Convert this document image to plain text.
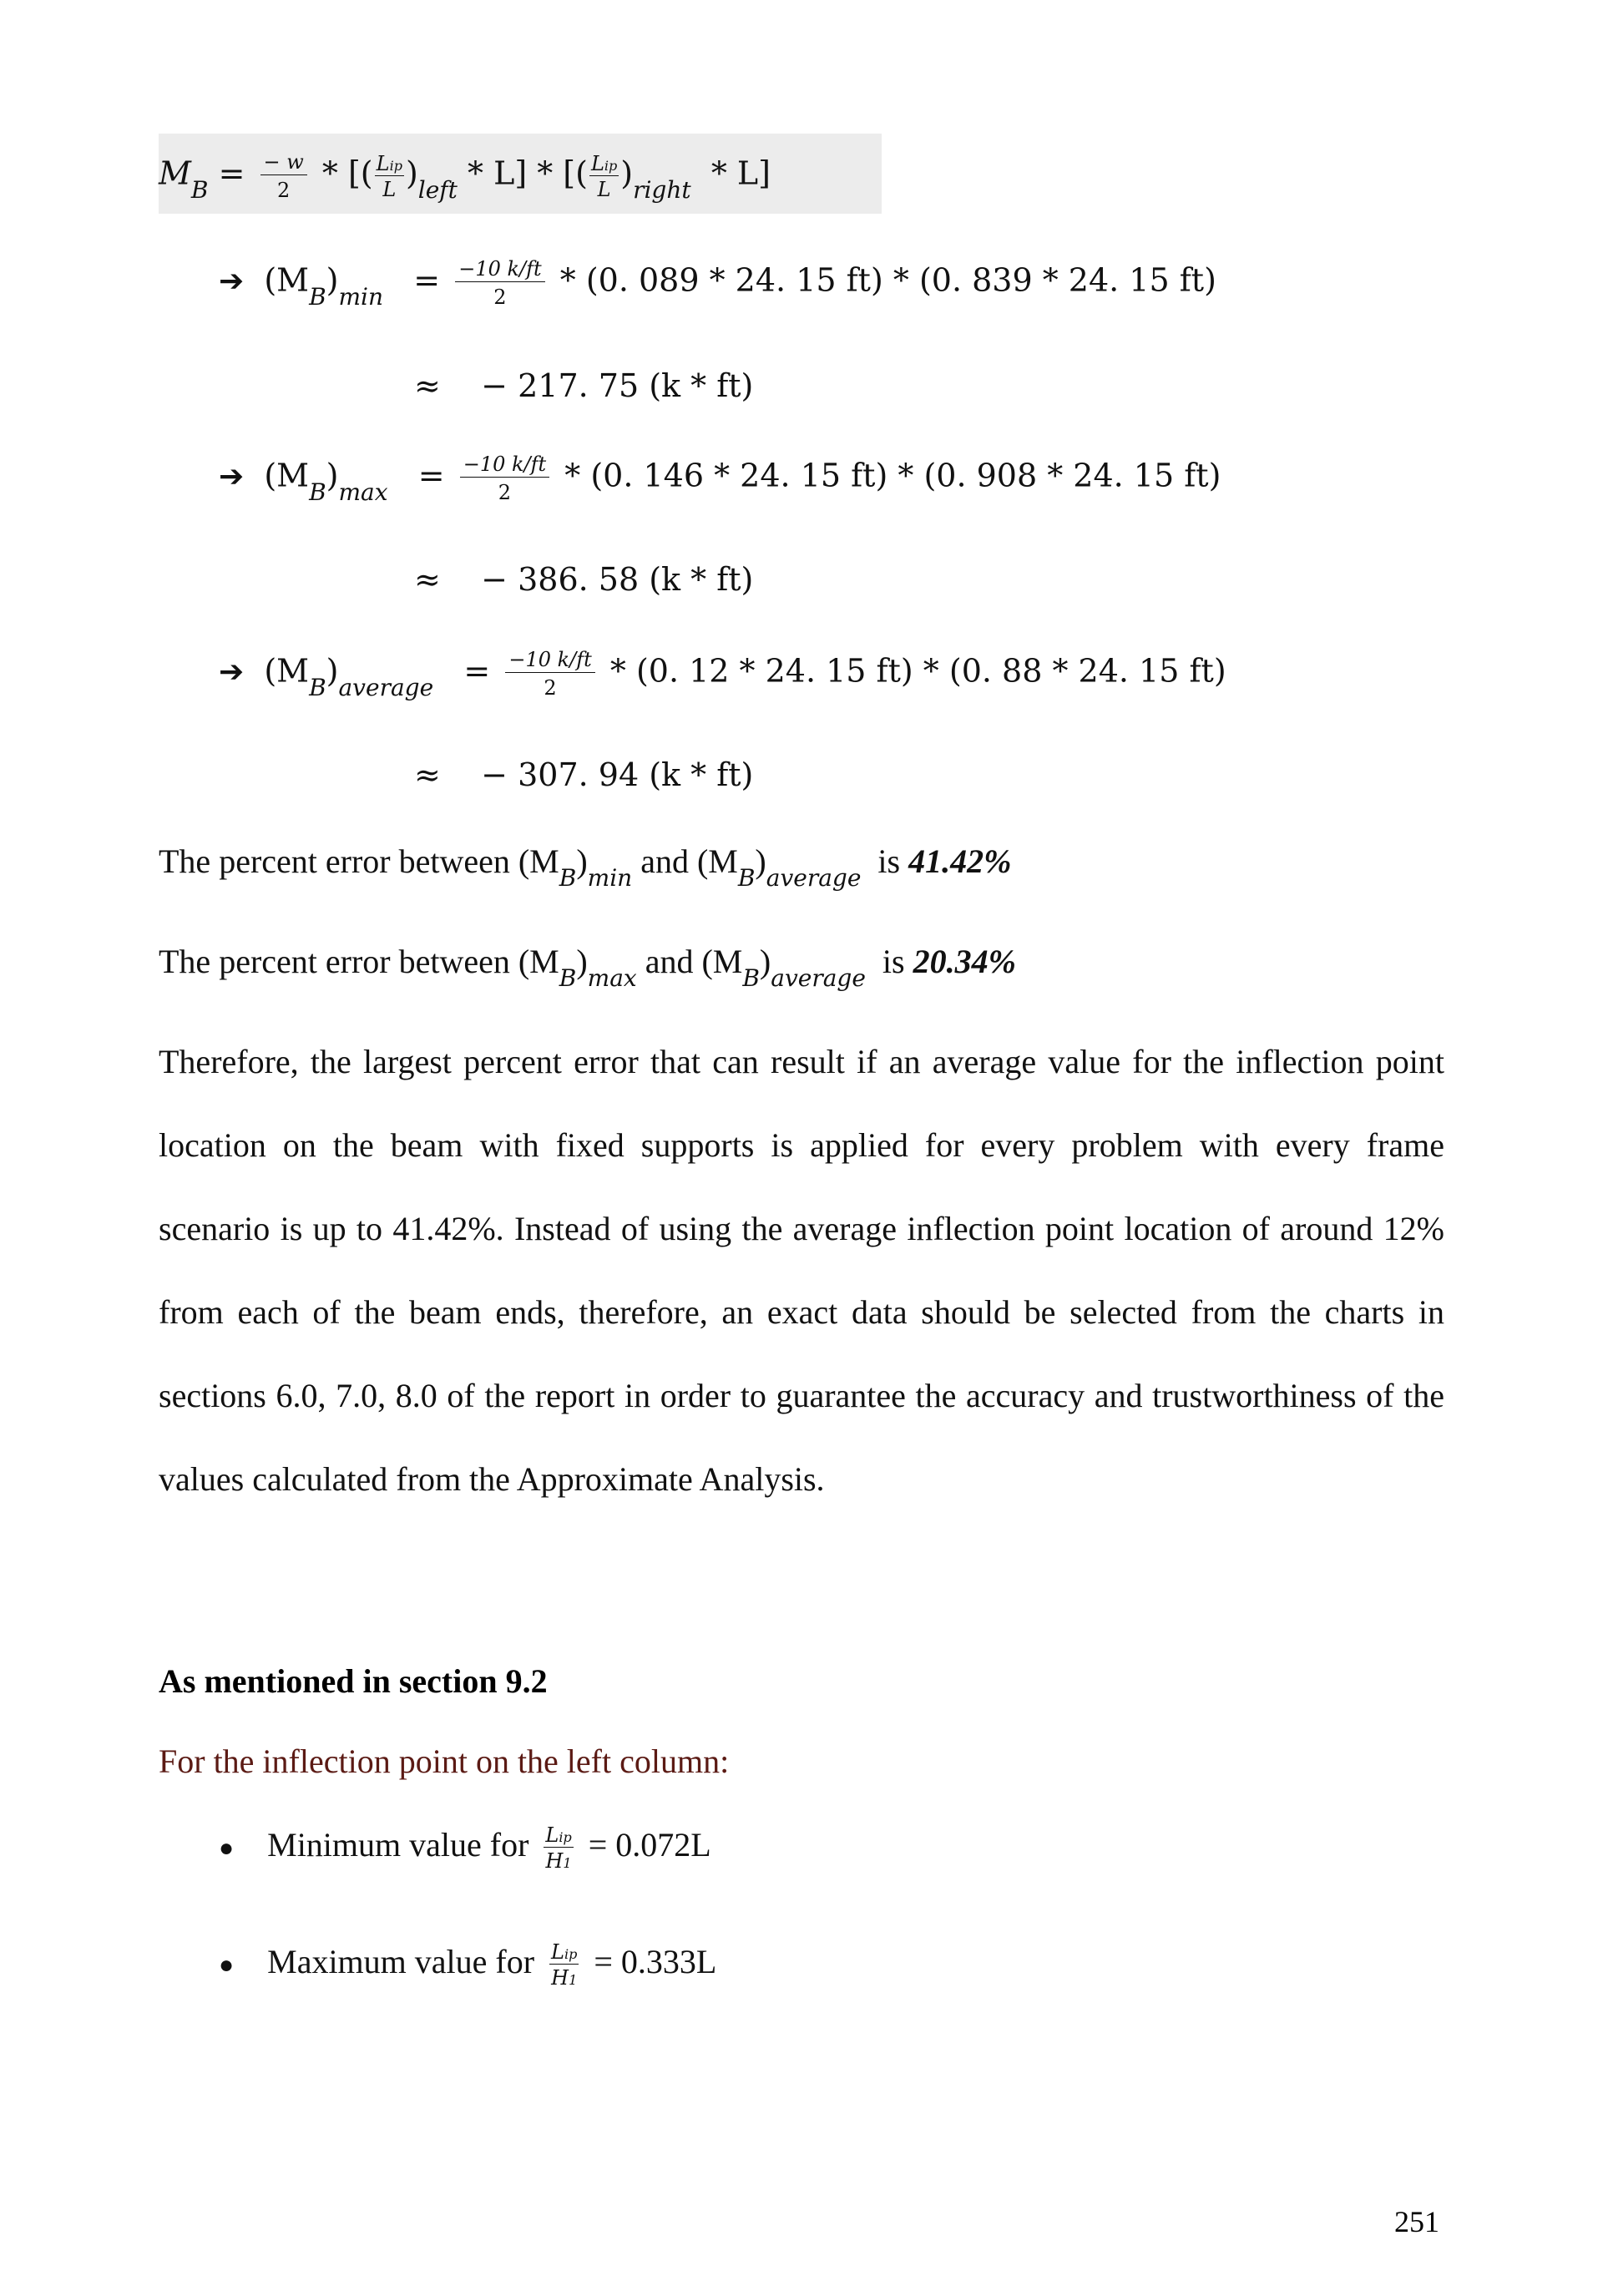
$M_B = \frac{- w}{2}$ * [( $\frac{\text{Lip}}{L} )_{left} * L$] * [( $\frac{\text{Lip}}{L} )_{right} * L$]
➔ $(M_B)_{min} = \frac{-10 k/ft}{2} * (0$. 089 * 24. 15 ft) * (0. 839 * 24. 15 ft)
≈ − 217. 75 (k * ft)
➔ $(M_B)_{max} = \frac{-10 k/ft}{2} * (0$. 146 * 24. 15 ft) * (0. 908 * 24. 15 ft)
≈ − 386. 58 (k * ft)
➔ $(M_B)_{average} = \frac{-10 k/ft}{2} * (0$. 12 * 24. 15 ft) * (0. 88 * 24. 15 ft)
≈ − 307. 94 (k * ft)
The percent error between $(M_B)_{min}$ and $(M_B)_{average}$ is 41.42%
The percent error between $(M_B)_{max}$ and $(M_B)_{average}$ is 20.34%
Therefore, the largest percent error that can result if an average value for the inflection point location on the beam with fixed supports is applied for every problem with every frame scenario is up to 41.42%. Instead of using the average inflection point location of around 12% from each of the beam ends, therefore, an exact data should be selected from the charts in sections 6.0, 7.0, 8.0 of the report in order to guarantee the accuracy and trustworthiness of the values calculated from the Approximate Analysis.
As mentioned in section 9.2
For the inflection point on the left column:
● Minimum value for $\frac{\text{Lip}}{H1} = 0.072L$
● Maximum value for $\frac{\text{Lip}}{H1} = 0.333L$
251
